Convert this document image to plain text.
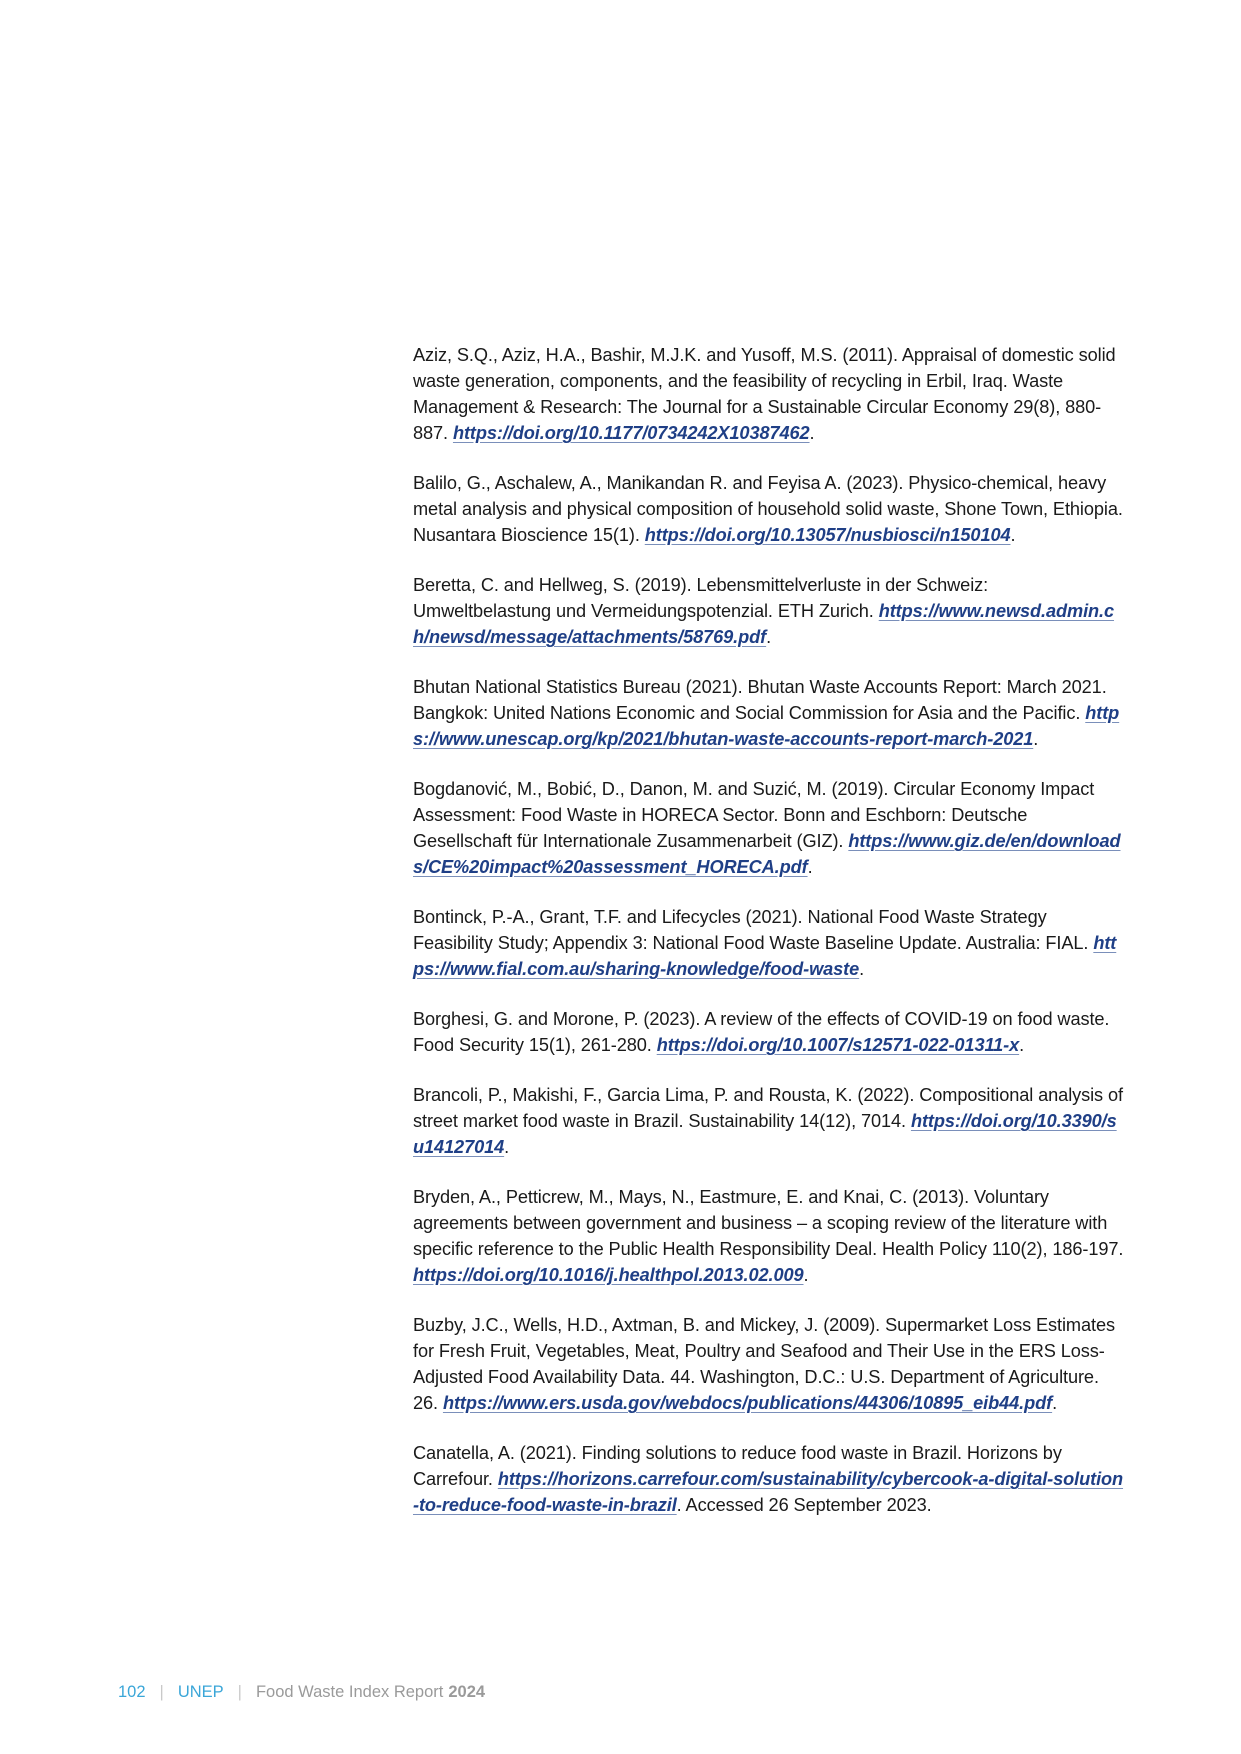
Aziz, S.Q., Aziz, H.A., Bashir, M.J.K. and Yusoff, M.S. (2011). Appraisal of domestic solid waste generation, components, and the feasibility of recycling in Erbil, Iraq. Waste Management & Research: The Journal for a Sustainable Circular Economy 29(8), 880-887. https://doi.org/10.1177/0734242X10387462.

Balilo, G., Aschalew, A., Manikandan R. and Feyisa A. (2023). Physico-chemical, heavy metal analysis and physical composition of household solid waste, Shone Town, Ethiopia. Nusantara Bioscience 15(1). https://doi.org/10.13057/nusbiosci/n150104.

Beretta, C. and Hellweg, S. (2019). Lebensmittelverluste in der Schweiz: Umweltbelastung und Vermeidungspotenzial. ETH Zurich. https://www.newsd.admin.ch/newsd/message/attachments/58769.pdf.

Bhutan National Statistics Bureau (2021). Bhutan Waste Accounts Report: March 2021. Bangkok: United Nations Economic and Social Commission for Asia and the Pacific. https://www.unescap.org/kp/2021/bhutan-waste-accounts-report-march-2021.

Bogdanović, M., Bobić, D., Danon, M. and Suzić, M. (2019). Circular Economy Impact Assessment: Food Waste in HORECA Sector. Bonn and Eschborn: Deutsche Gesellschaft für Internationale Zusammenarbeit (GIZ). https://www.giz.de/en/downloads/CE%20impact%20assessment_HORECA.pdf.

Bontinck, P.-A., Grant, T.F. and Lifecycles (2021). National Food Waste Strategy Feasibility Study; Appendix 3: National Food Waste Baseline Update. Australia: FIAL. https://www.fial.com.au/sharing-knowledge/food-waste.

Borghesi, G. and Morone, P. (2023). A review of the effects of COVID-19 on food waste. Food Security 15(1), 261-280. https://doi.org/10.1007/s12571-022-01311-x.

Brancoli, P., Makishi, F., Garcia Lima, P. and Rousta, K. (2022). Compositional analysis of street market food waste in Brazil. Sustainability 14(12), 7014. https://doi.org/10.3390/su14127014.

Bryden, A., Petticrew, M., Mays, N., Eastmure, E. and Knai, C. (2013). Voluntary agreements between government and business – a scoping review of the literature with specific reference to the Public Health Responsibility Deal. Health Policy 110(2), 186-197. https://doi.org/10.1016/j.healthpol.2013.02.009.

Buzby, J.C., Wells, H.D., Axtman, B. and Mickey, J. (2009). Supermarket Loss Estimates for Fresh Fruit, Vegetables, Meat, Poultry and Seafood and Their Use in the ERS Loss-Adjusted Food Availability Data. 44. Washington, D.C.: U.S. Department of Agriculture. 26. https://www.ers.usda.gov/webdocs/publications/44306/10895_eib44.pdf.

Canatella, A. (2021). Finding solutions to reduce food waste in Brazil. Horizons by Carrefour. https://horizons.carrefour.com/sustainability/cybercook-a-digital-solution-to-reduce-food-waste-in-brazil. Accessed 26 September 2023.

102 | UNEP | Food Waste Index Report 2024
